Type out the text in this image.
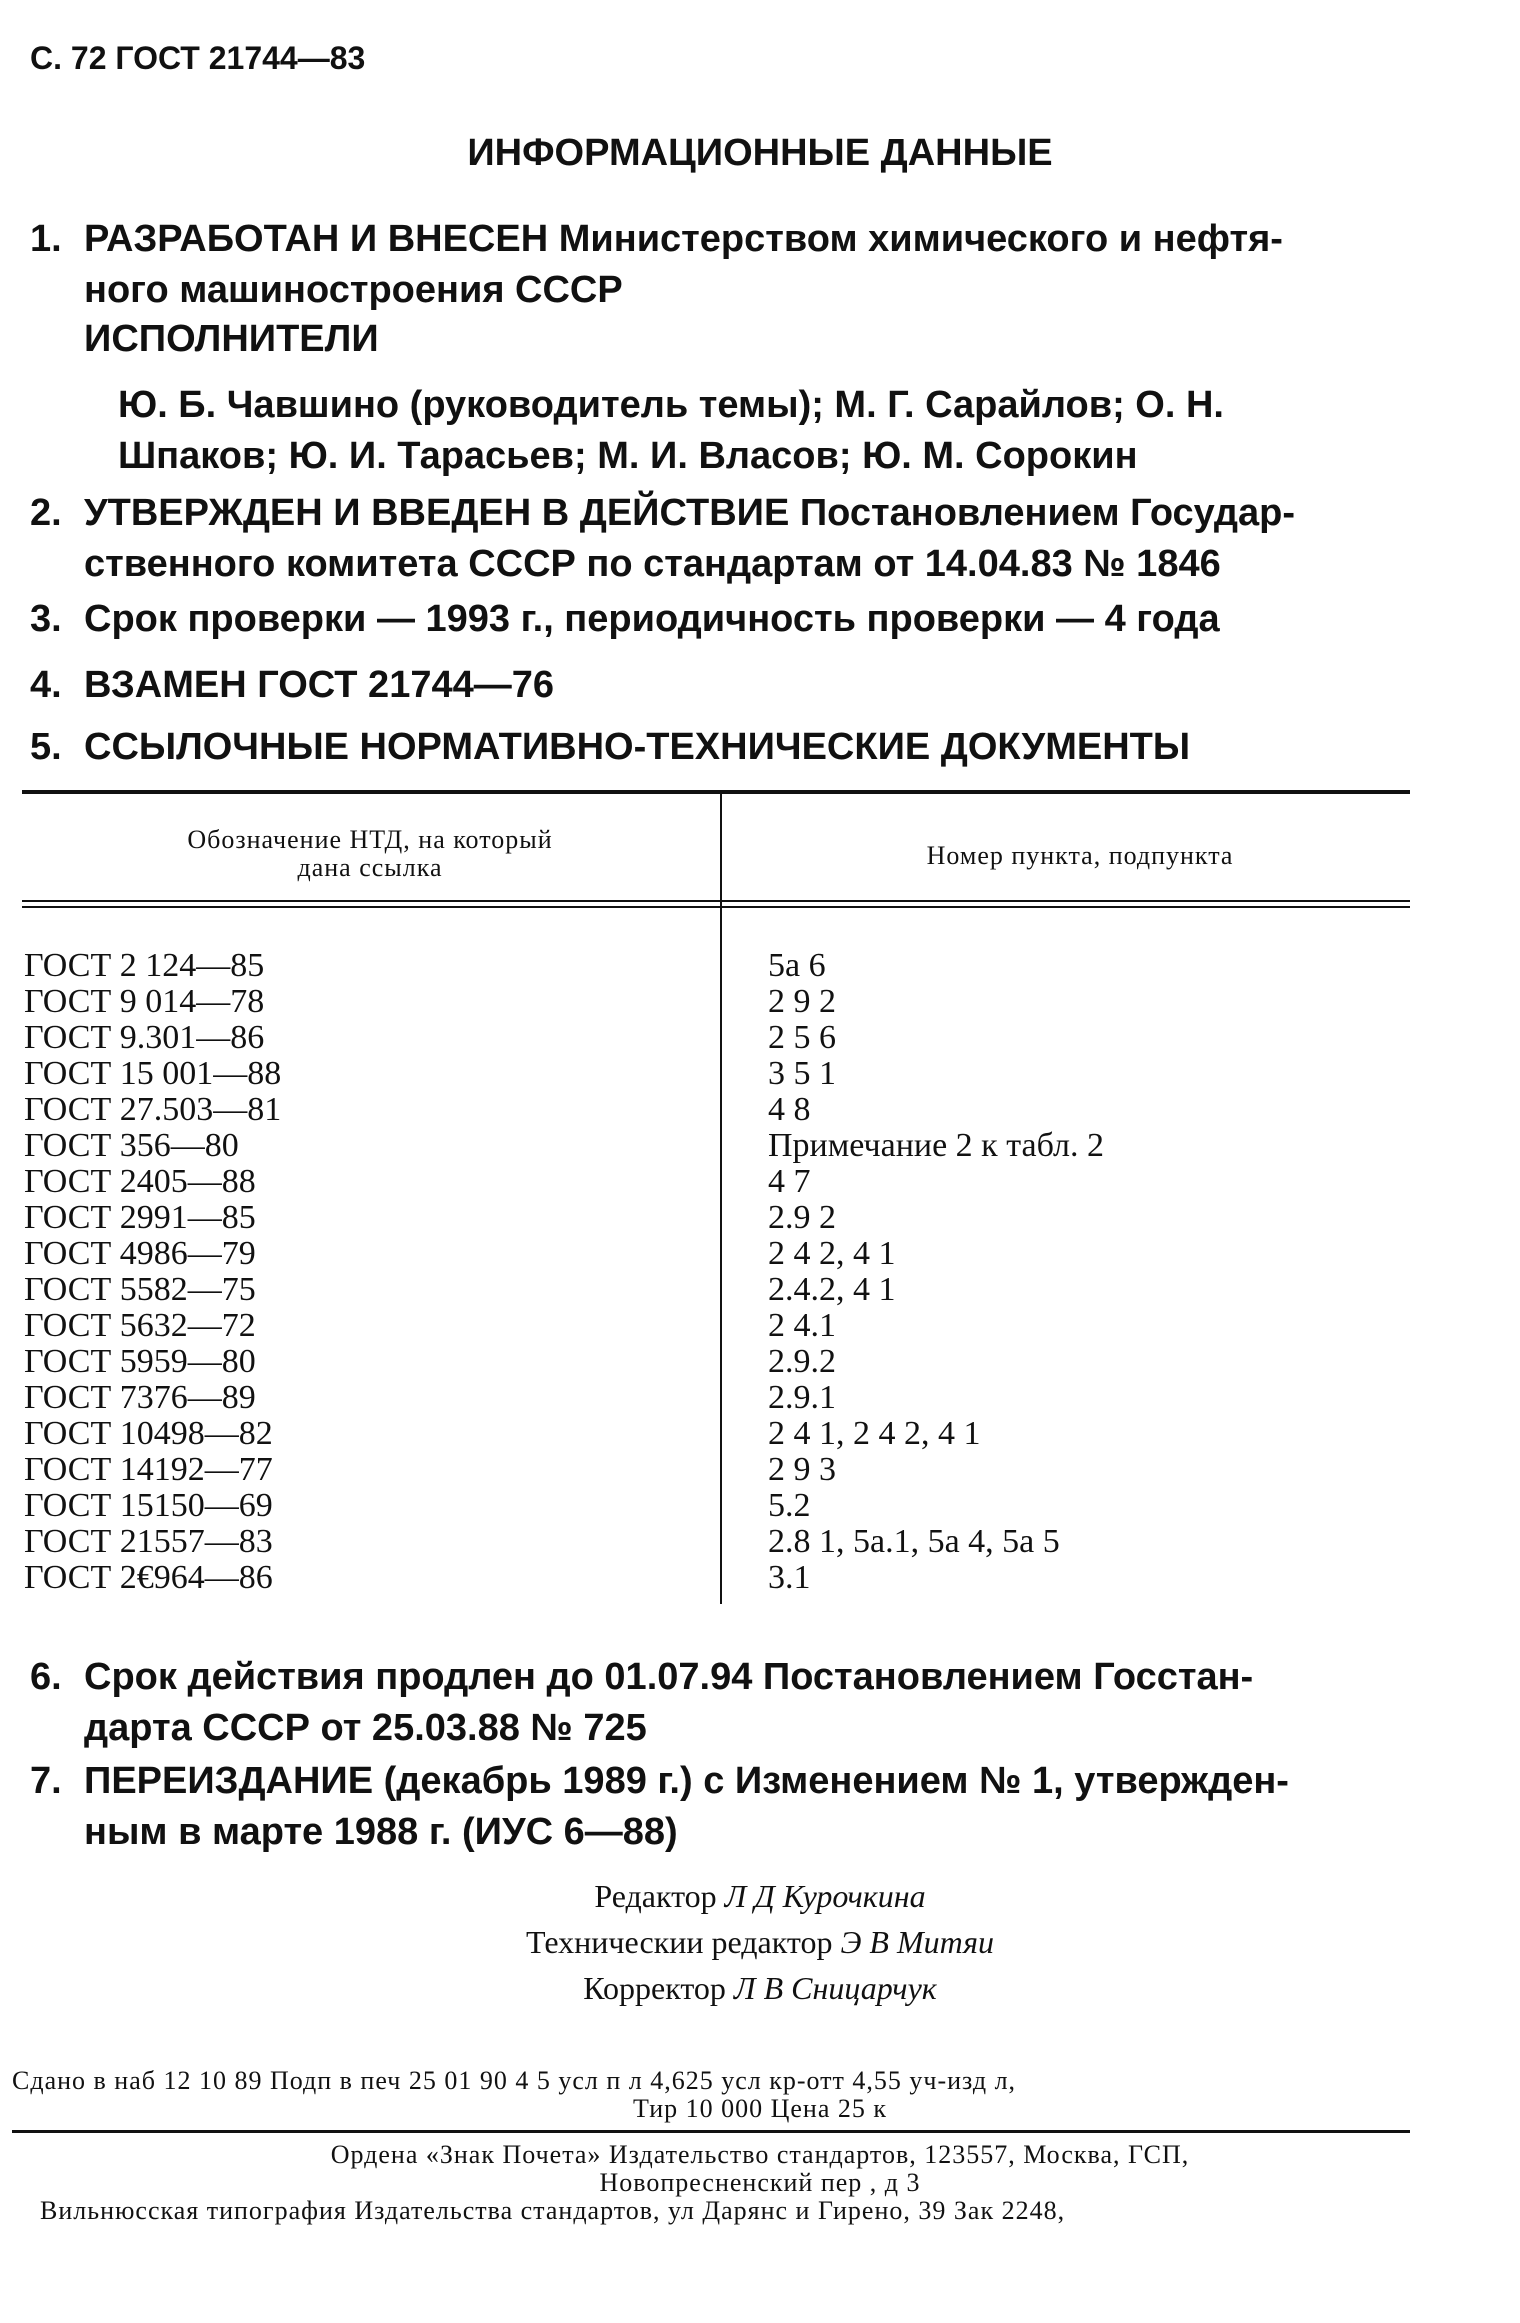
С. 72 ГОСТ 21744—83
ИНФОРМАЦИОННЫЕ ДАННЫЕ
1. РАЗРАБОТАН И ВНЕСЕН Министерством химического и нефтя-
ного машиностроения СССР
ИСПОЛНИТЕЛИ
Ю. Б. Чавшино (руководитель темы); М. Г. Сарайлов; О. Н.
Шпаков; Ю. И. Тарасьев; М. И. Власов; Ю. М. Сорокин
2. УТВЕРЖДЕН И ВВЕДЕН В ДЕЙСТВИЕ Постановлением Государ-
ственного комитета СССР по стандартам от 14.04.83 № 1846
3. Срок проверки — 1993 г., периодичность проверки — 4 года
4. ВЗАМЕН ГОСТ 21744—76
5. ССЫЛОЧНЫЕ НОРМАТИВНО-ТЕХНИЧЕСКИЕ ДОКУМЕНТЫ
Обозначение НТД, на который
дана ссылка	Номер пункта, подпункта
ГОСТ 2 124—85
ГОСТ 9 014—78
ГОСТ 9.301—86
ГОСТ 15 001—88
ГОСТ 27.503—81
ГОСТ 356—80
ГОСТ 2405—88
ГОСТ 2991—85
ГОСТ 4986—79
ГОСТ 5582—75
ГОСТ 5632—72
ГОСТ 5959—80
ГОСТ 7376—89
ГОСТ 10498—82
ГОСТ 14192—77
ГОСТ 15150—69
ГОСТ 21557—83
ГОСТ 2€964—86
5а 6
2 9 2
2 5 6
3 5 1
4 8
Примечание 2 к табл. 2
4 7
2.9 2
2 4 2, 4 1
2.4.2, 4 1
2 4.1
2.9.2
2.9.1
2 4 1, 2 4 2, 4 1
2 9 3
5.2
2.8 1, 5а.1, 5а 4, 5а 5
3.1
6. Срок действия продлен до 01.07.94 Постановлением Госстан-
дарта СССР от 25.03.88 № 725
7. ПЕРЕИЗДАНИЕ (декабрь 1989 г.) с Изменением № 1, утвержден-
ным в марте 1988 г. (ИУС 6—88)
Редактор Л Д Курочкина
Техническии редактор Э В Митяи
Корректор Л В Сницарчук
Сдано в наб 12 10 89 Подп в печ 25 01 90 4 5 усл п л 4,625 усл кр-отт 4,55 уч-изд л,
Тир 10 000 Цена 25 к
Ордена «Знак Почета» Издательство стандартов, 123557, Москва, ГСП,
Новопресненский пер , д 3
Вильнюсская типография Издательства стандартов, ул Дарянс и Гирено, 39 Зак 2248,
